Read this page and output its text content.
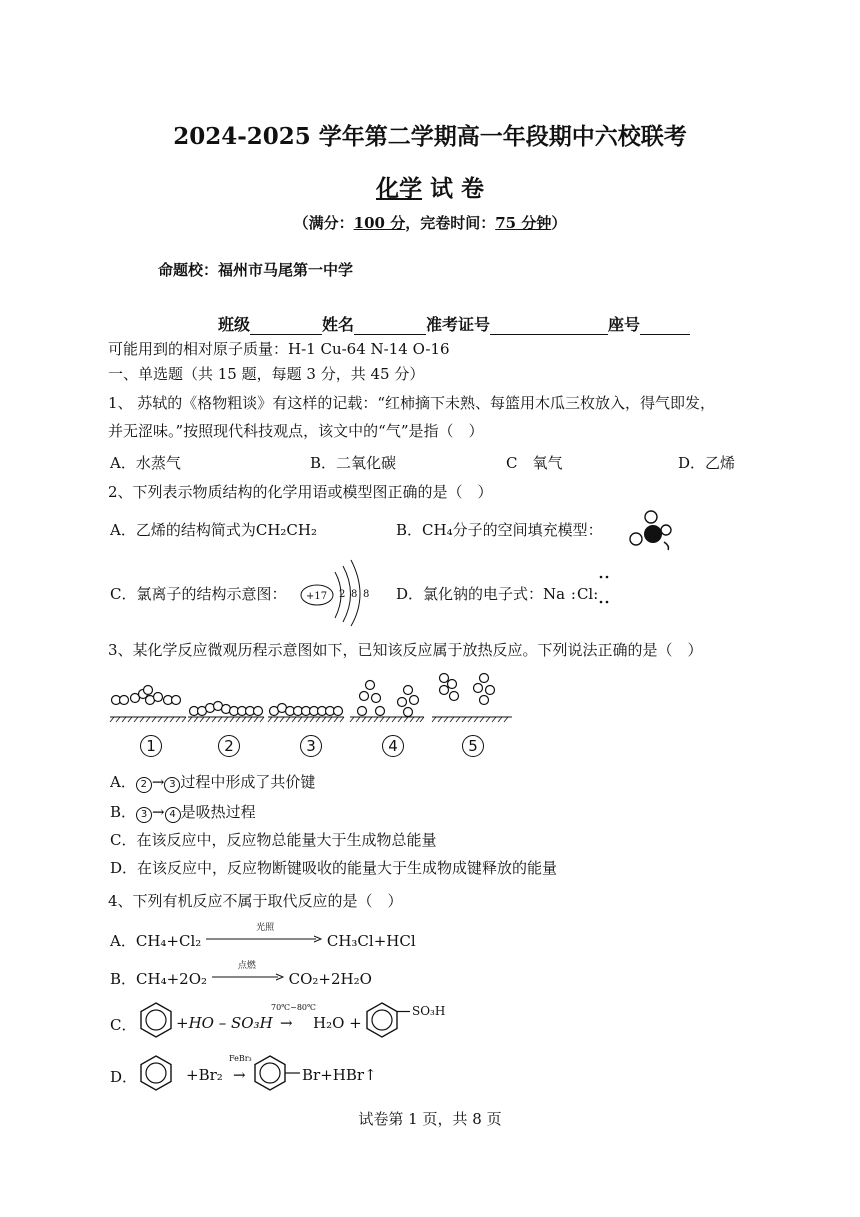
2024-2025 学年第二学期高一年段期中六校联考
化学 试 卷
（满分：100 分，完卷时间：75 分钟）
命题校：福州市马尾第一中学
班级	姓名	准考证号	座号
可能用到的相对原子质量：H-1 Cu-64 N-14 O-16
一、单选题（共 15 题，每题 3 分，共 45 分）
1、 苏轼的《格物粗谈》有这样的记载：“红柿摘下未熟、每篮用木瓜三枚放入，得气即发，
并无涩味。”按照现代科技观点，该文中的“气”是指（　）
A．水蒸气	B．二氧化碳	C　氧气	D．乙烯
2、下列表示物质结构的化学用语或模型图正确的是（　）
A．乙烯的结构简式为CH₂CH₂	B．CH₄分子的空间填充模型：
C．氯离子的结构示意图： +17 2 8 8 D．氯化钠的电子式：Na :Cl:
3、某化学反应微观历程示意图如下，已知该反应属于放热反应。下列说法正确的是（　）
1	2	3	4	5
A． 2 → 3 过程中形成了共价键
B． 3 → 4 是吸热过程
C．在该反应中，反应物总能量大于生成物总能量
D．在该反应中，反应物断键吸收的能量大于生成物成键释放的能量
4、下列有机反应不属于取代反应的是（　）
A．CH₄+Cl₂
光照
CH₃Cl+HCl
B．CH₄+2O₂
点燃
CO₂+2H₂O
C．	+HO – SO₃H
70℃~80℃
→ H₂O +
SO₃H
D．	+Br₂
FeBr₃
→	Br+HBr↑
试卷第 1 页，共 8 页
